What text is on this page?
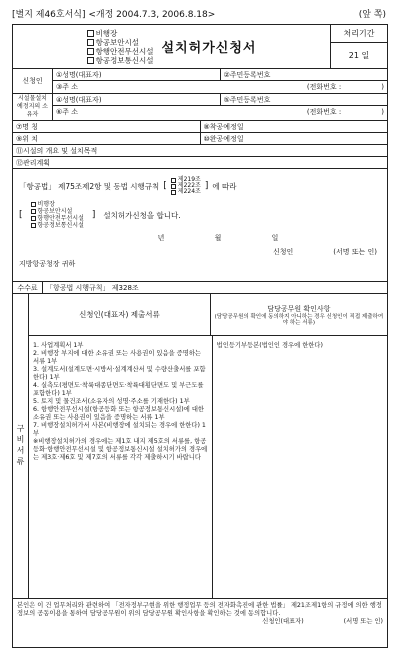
[별지 제46호서식] <개정 2004.7.3, 2006.8.18>	(앞 쪽)
비행장
항공보안시설
항행안전무선시설
항공정보통신시설
설치허가신청서
처리기간
21 일
신청인
①성명(대표자)	②주민등록번호
③주 소	(전화번호 :	)
시설물설치예정지의 소유자
④성명(대표자)	⑤주민등록번호
⑥주 소	(전화번호 :	)
⑦명 칭	⑧착공예정일
⑨위 치	⑩완공예정일
⑪시설의 개요 및 설치목적
⑫관리계획
「항공법」 제75조제2항 및 동법 시행규칙 [
제219조
제222조
제224조
] 에 따라
[
비행장
항공보안시설
항행안전무선시설
항공정보통신시설
] 설치허가신청을 합니다.
년	월	일
신청인	(서명 또는 인)
지방항공청장 귀하
수수료	「항공법 시행규칙」 제328조
구비서류
신청인(대표자) 제출서류
담당공무원 확인사항
(담당공무원의 확인에 동의하지 아니하는 경우 신청인이 직접 제출하여야 하는 서류)
1. 사업계획서 1부
2. 비행장 부지에 대한 소유권 또는 사용권이 있음을 증명하는 서류 1부
3. 설계도서(설계도면·시방서·설계계산서 및 수량산출서를 포함한다) 1부
4. 실측도(평면도·착륙대종단면도·착륙대횡단면도 및 부근도를 포함한다) 1부
5. 토지 및 물건조서(소유자의 성명·주소를 기재한다) 1부
6. 항행안전무선시설(항공등화 또는 항공정보통신시설)에 대한 소유권 또는 사용권이 있음을 증명하는 서류 1부
7. 비행장설치허가서 사본(비행장에 설치되는 경우에 한한다) 1부
※비행장설치허가의 경우에는 제1호 내지 제5호의 서류를, 항공등화·항행안전무선시설 및 항공정보통신시설 설치허가의 경우에는 제3호·제6호 및 제7호의 서류를 각각 제출하시기 바랍니다
법인등기부등본(법인인 경우에 한한다)
본인은 이 건 업무처리와 관련하여 「전자정부구현을 위한 행정업무 등의 전자화촉진에 관한 법률」 제21조제1항의 규정에 의한 행정정보의 공동이용을 통하여 담당공무원이 위의 담당공무원 확인사항을 확인하는 것에 동의합니다.
신청인(대표자)	(서명 또는 인)
